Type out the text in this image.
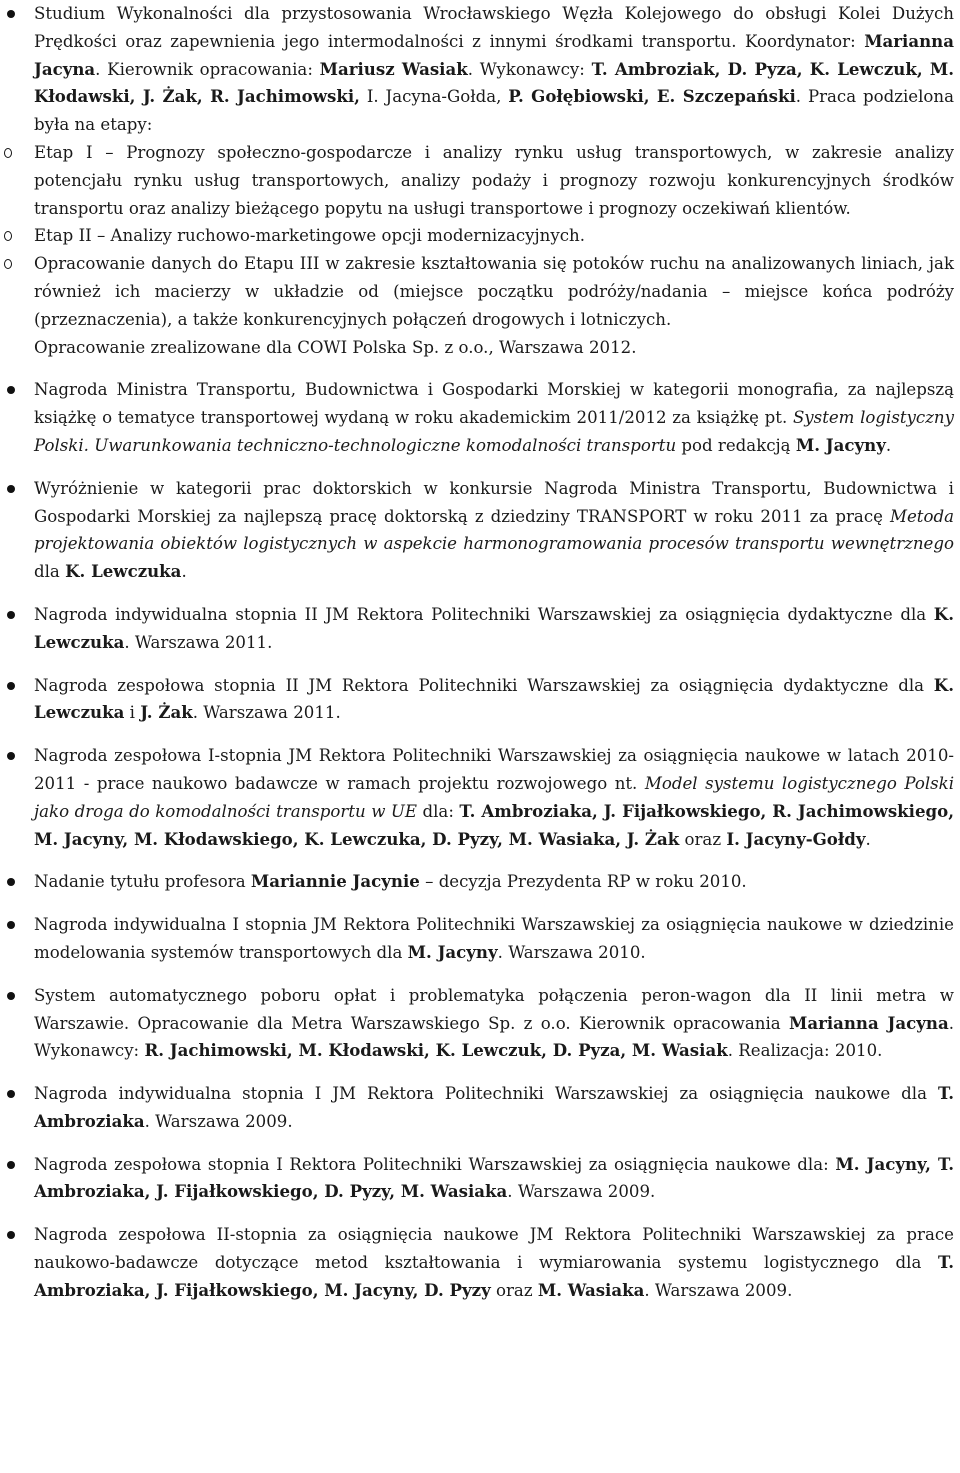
Studium Wykonalności dla przystosowania Wrocławskiego Węzła Kolejowego do obsługi Kolei Dużych Prędkości oraz zapewnienia jego intermodalności z innymi środkami transportu. Koordynator: Marianna Jacyna. Kierownik opracowania: Mariusz Wasiak. Wykonawcy: T. Ambroziak, D. Pyza, K. Lewczuk, M. Kłodawski, J. Żak, R. Jachimowski, I. Jacyna-Gołda, P. Gołębiowski, E. Szczepański. Praca podzielona była na etapy:
Etap I – Prognozy społeczno-gospodarcze i analizy rynku usług transportowych, w zakresie analizy potencjału rynku usług transportowych, analizy podaży i prognozy rozwoju konkurencyjnych środków transportu oraz analizy bieżącego popytu na usługi transportowe i prognozy oczekiwań klientów.
Etap II – Analizy ruchowo-marketingowe opcji modernizacyjnych.
Opracowanie danych do Etapu III w zakresie kształtowania się potoków ruchu na analizowanych liniach, jak również ich macierzy w układzie od (miejsce początku podróży/nadania – miejsce końca podróży (przeznaczenia), a także konkurencyjnych połączeń drogowych i lotniczych.
Opracowanie zrealizowane dla COWI Polska Sp. z o.o., Warszawa 2012.
Nagroda Ministra Transportu, Budownictwa i Gospodarki Morskiej w kategorii monografia, za najlepszą książkę o tematyce transportowej wydaną w roku akademickim 2011/2012 za książkę pt. System logistyczny Polski. Uwarunkowania techniczno-technologiczne komodalności transportu pod redakcją M. Jacyny.
Wyróżnienie w kategorii prac doktorskich w konkursie Nagroda Ministra Transportu, Budownictwa i Gospodarki Morskiej za najlepszą pracę doktorską z dziedziny TRANSPORT w roku 2011 za pracę Metoda projektowania obiektów logistycznych w aspekcie harmonogramowania procesów transportu wewnętrznego dla K. Lewczuka.
Nagroda indywidualna stopnia II JM Rektora Politechniki Warszawskiej za osiągnięcia dydaktyczne dla K. Lewczuka. Warszawa 2011.
Nagroda zespołowa stopnia II JM Rektora Politechniki Warszawskiej za osiągnięcia dydaktyczne dla K. Lewczuka i J. Żak. Warszawa 2011.
Nagroda zespołowa I-stopnia JM Rektora Politechniki Warszawskiej za osiągnięcia naukowe w latach 2010-2011 - prace naukowo badawcze w ramach projektu rozwojowego nt. Model systemu logistycznego Polski jako droga do komodalności transportu w UE dla: T. Ambroziaka, J. Fijałkowskiego, R. Jachimowskiego, M. Jacyny, M. Kłodawskiego, K. Lewczuka, D. Pyzy, M. Wasiaka, J. Żak oraz I. Jacyny-Gołdy.
Nadanie tytułu profesora Mariannie Jacynie – decyzja Prezydenta RP w roku 2010.
Nagroda indywidualna I stopnia JM Rektora Politechniki Warszawskiej za osiągnięcia naukowe w dziedzinie modelowania systemów transportowych dla M. Jacyny. Warszawa 2010.
System automatycznego poboru opłat i problematyka połączenia peron-wagon dla II linii metra w Warszawie. Opracowanie dla Metra Warszawskiego Sp. z o.o. Kierownik opracowania Marianna Jacyna. Wykonawcy: R. Jachimowski, M. Kłodawski, K. Lewczuk, D. Pyza, M. Wasiak. Realizacja: 2010.
Nagroda indywidualna stopnia I JM Rektora Politechniki Warszawskiej za osiągnięcia naukowe dla T. Ambroziaka. Warszawa 2009.
Nagroda zespołowa stopnia I Rektora Politechniki Warszawskiej za osiągnięcia naukowe dla: M. Jacyny, T. Ambroziaka, J. Fijałkowskiego, D. Pyzy, M. Wasiaka. Warszawa 2009.
Nagroda zespołowa II-stopnia za osiągnięcia naukowe JM Rektora Politechniki Warszawskiej za prace naukowo-badawcze dotyczące metod kształtowania i wymiarowania systemu logistycznego dla T. Ambroziaka, J. Fijałkowskiego, M. Jacyny, D. Pyzy oraz M. Wasiaka. Warszawa 2009.
